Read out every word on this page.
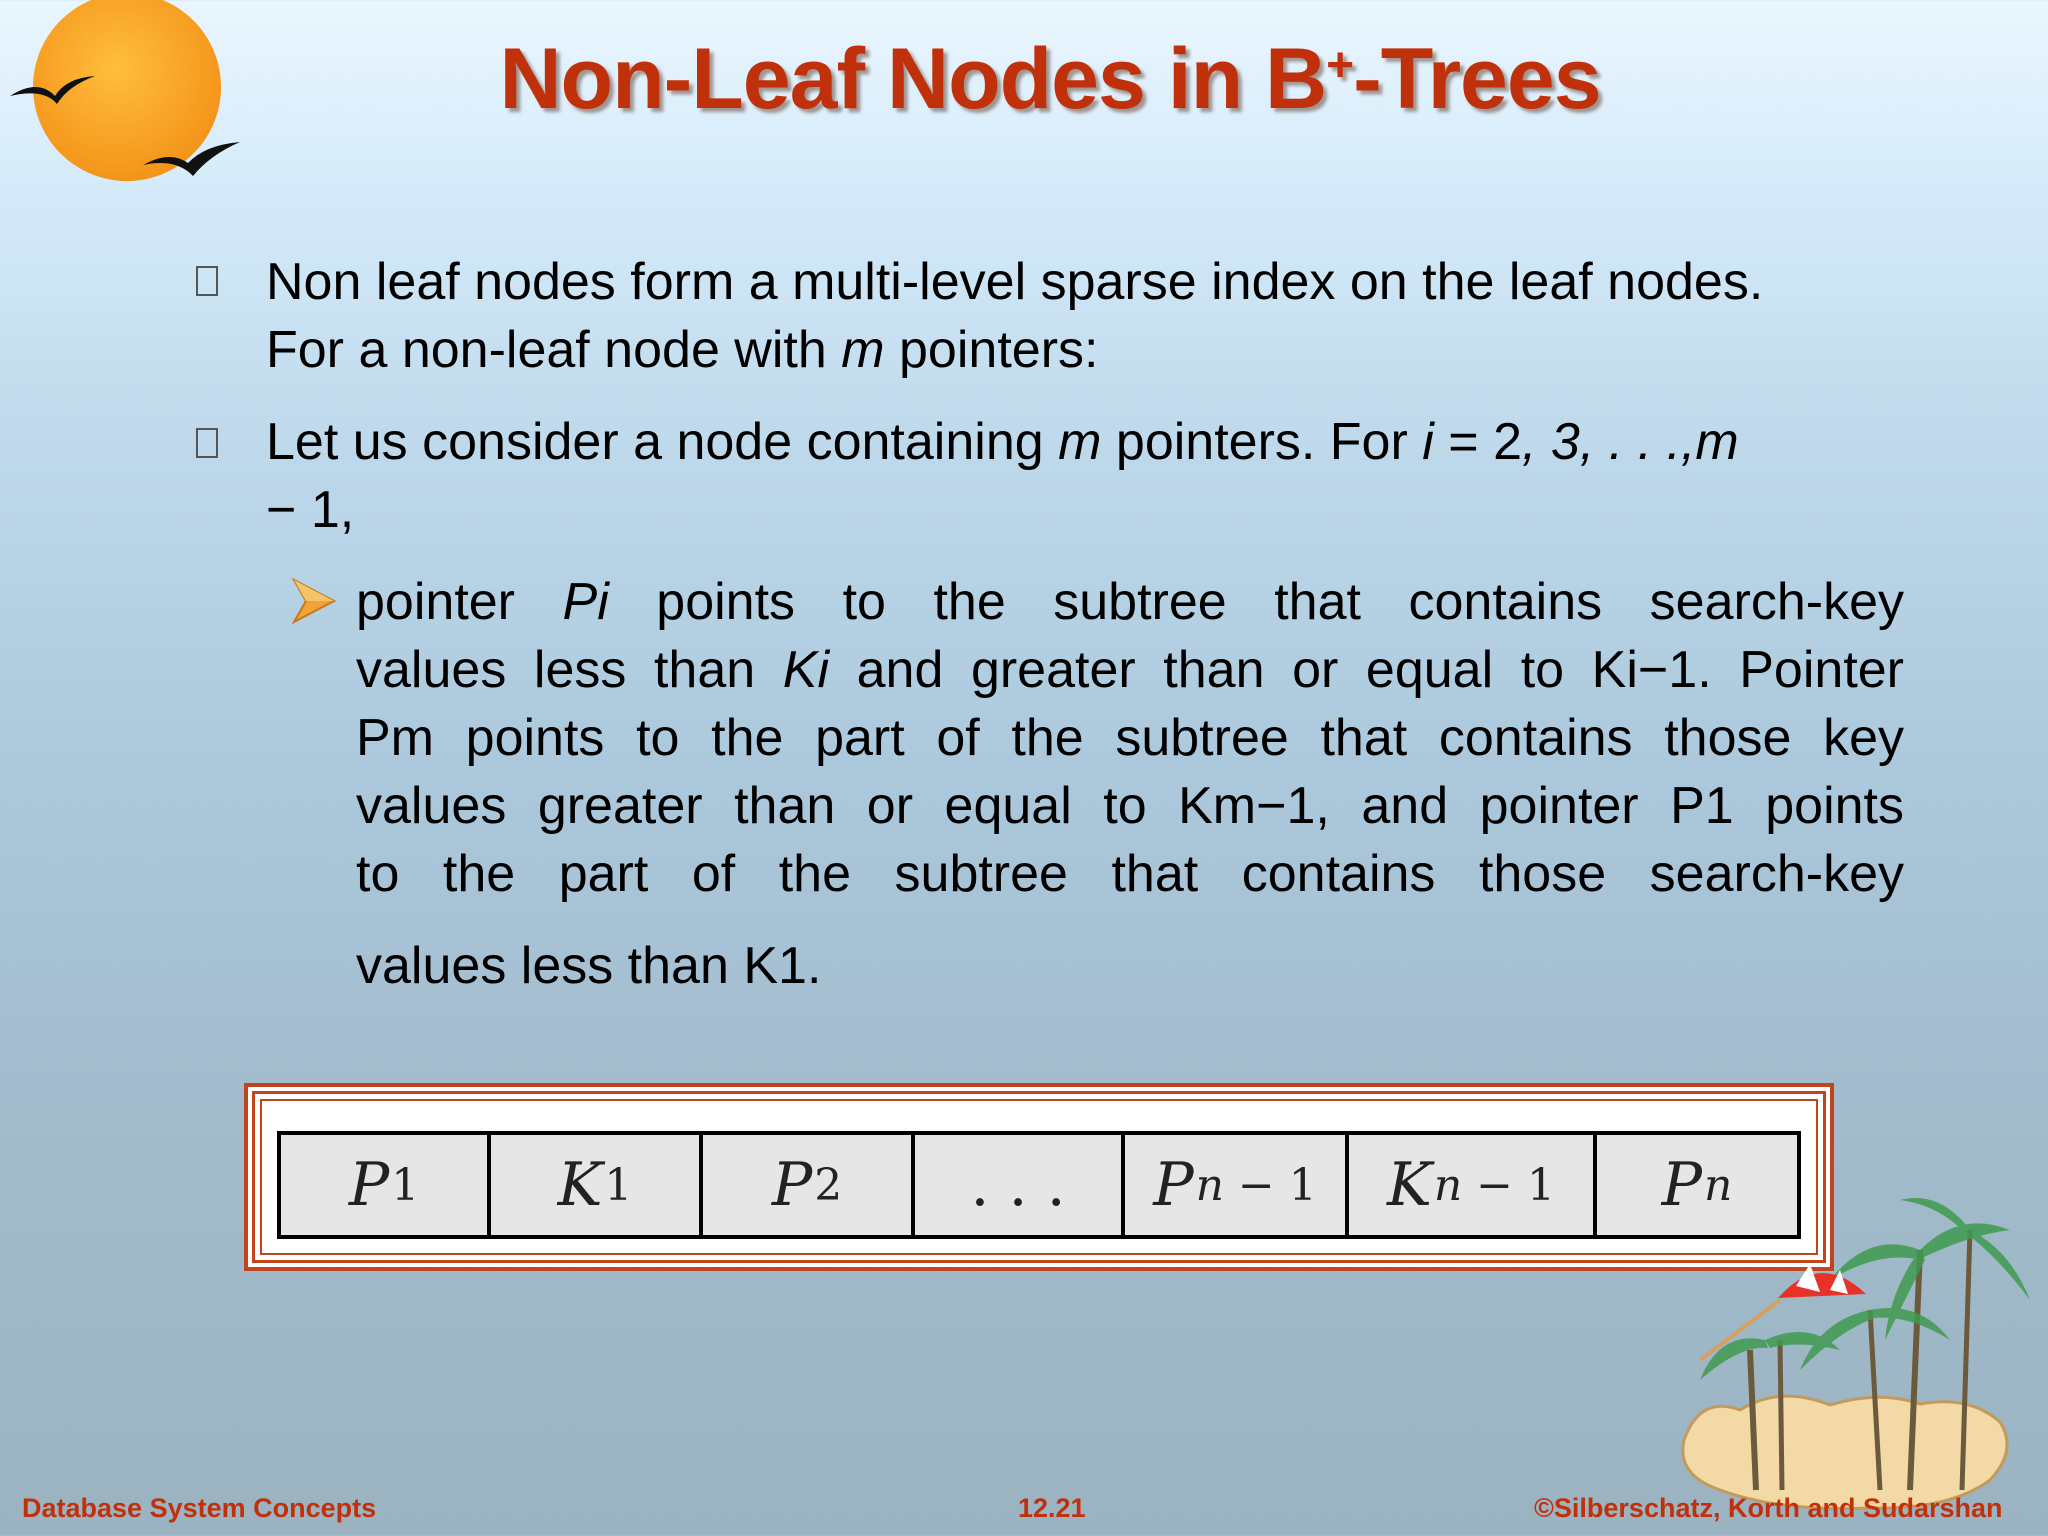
Non-Leaf Nodes in B+-Trees
Non leaf nodes form a multi-level sparse index on the leaf nodes.
For a non-leaf node with m pointers:
Let us consider a node containing m pointers. For i = 2, 3, . . .,m
− 1,
pointer Pi points to the subtree that contains search-key
values less than Ki and greater than or equal to Ki−1. Pointer
Pm points to the part of the subtree that contains those key
values greater than or equal to Km−1, and pointer P1 points
to the part of the subtree that contains those search-key
values less than K1.
P 1 K 1 P 2 . . . P n − 1 K n − 1 P n
Database System Concepts	12.21	©Silberschatz, Korth and Sudarshan
